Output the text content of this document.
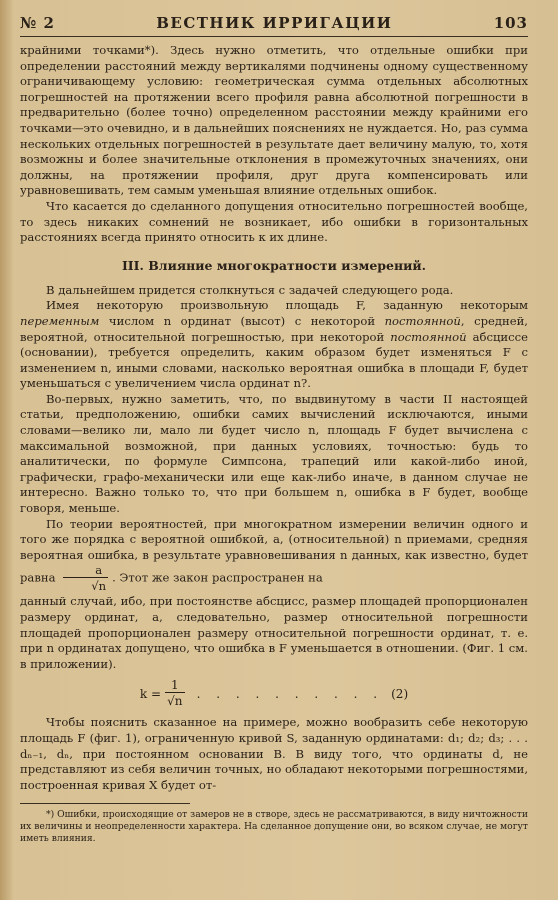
№ 2	ВЕСТНИК ИРРИГАЦИИ	103

крайними точками*). Здесь нужно отметить, что отдельные ошибки при определении расстояний между вертикалями подчинены одному существенному ограничивающему условию: геометрическая сумма отдельных абсолютных погрешностей на протяжении всего профиля равна абсолютной погрешности в предварительно (более точно) определенном расстоянии между крайними его точками—это очевидно, и в дальнейших пояснениях не нуждается. Но, раз сумма нескольких отдельных погрешностей в результате дает величину малую, то, хотя возможны и более значительные отклонения в промежуточных значениях, они должны, на протяжении профиля, друг друга компенсировать или уравновешивать, тем самым уменьшая влияние отдельных ошибок.

Что касается до сделанного допущения относительно погрешностей вообще, то здесь никаких сомнений не возникает, ибо ошибки в горизонтальных расстояниях всегда принято относить к их длине.

III. Влияние многократности измерений.

В дальнейшем придется столкнуться с задачей следующего рода.

Имея некоторую произвольную площадь F, заданную некоторым переменным числом n ординат (высот) с некоторой постоянной, средней, вероятной, относительной погрешностью, при некоторой постоянной абсциссе (основании), требуется определить, каким образом будет изменяться F с изменением n, иными словами, насколько вероятная ошибка в площади F, будет уменьшаться с увеличением числа ординат n?.

Во-первых, нужно заметить, что, по выдвинутому в части II настоящей статьи, предположению, ошибки самих вычислений исключаются, иными словами—велико ли, мало ли будет число n, площадь F будет вычислена с максимальной возможной, при данных условиях, точностью: будь то аналитически, по формуле Симпсона, трапеций или какой-либо иной, графически, графо-механически или еще как-либо иначе, в данном случае не интересно. Важно только то, что при большем n, ошибка в F будет, вообще говоря, меньше.

По теории вероятностей, при многократном измерении величин одного и того же порядка с вероятной ошибкой, a, (относительной) n приемами, средняя вероятная ошибка, в результате уравновешивания n данных, как известно, будет равна $\frac{a}{√n}$ . Этот же закон распространен на

данный случай, ибо, при постоянстве абсцисс, размер площадей пропорционален размеру ординат, а, следовательно, размер относительной погрешности площадей пропорционален размеру относительной погрешности ординат, т. е. при n ординатах допущено, что ошибка в F уменьшается в отношении. (Фиг. 1 см. в приложении).

$k = \frac{1}{√n}$ . . . . . . . . . . (2)

Чтобы пояснить сказанное на примере, можно вообразить себе некоторую площадь F (фиг. 1), ограниченную кривой S, заданную ординатами: d₁; d₂; d₃; . . . dₙ₋₁, dₙ, при постоянном основании B. В виду того, что ординаты d, не представляют из себя величин точных, но обладают некоторыми погрешностями, построенная кривая X будет от-

*) Ошибки, происходящие от замеров не в створе, здесь не рассматриваются, в виду ничтожности их величины и неопределенности характера. На сделанное допущение они, во всяком случае, не могут иметь влияния.
